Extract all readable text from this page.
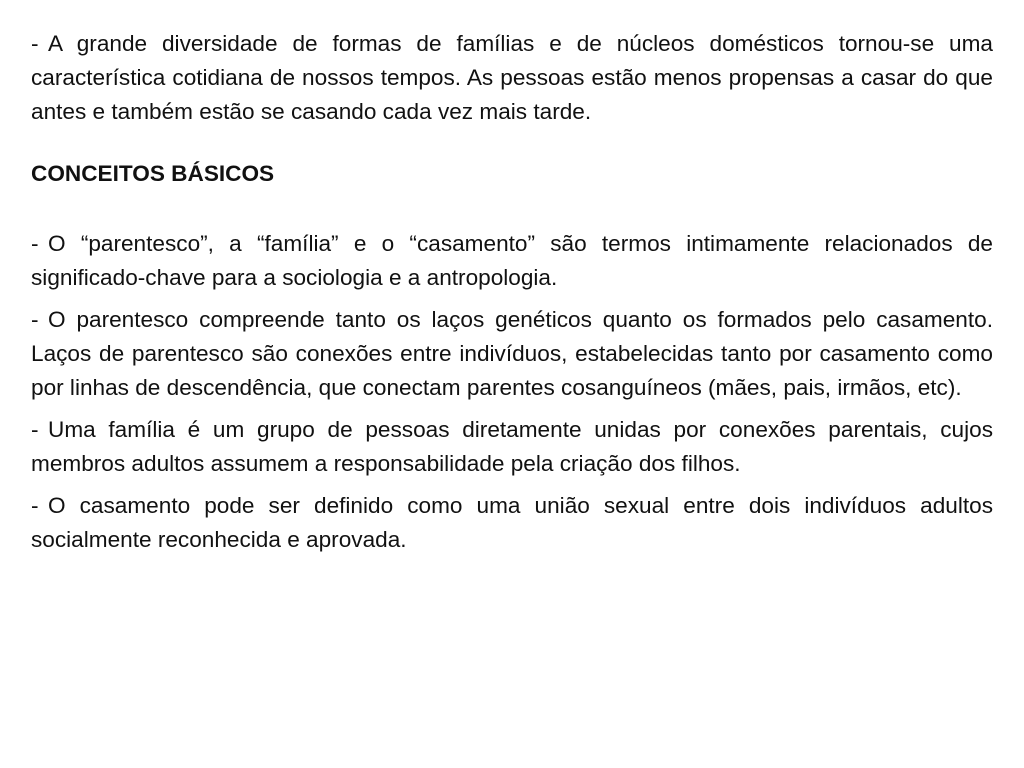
- A grande diversidade de formas de famílias e de núcleos domésticos tornou-se uma característica cotidiana de nossos tempos. As pessoas estão menos propensas a casar do que antes e também estão se casando cada vez mais tarde.

CONCEITOS BÁSICOS

- O “parentesco”, a “família” e o “casamento” são termos intimamente relacionados de significado-chave para a sociologia e a antropologia.

- O parentesco compreende tanto os laços genéticos quanto os formados pelo casamento. Laços de parentesco são conexões entre indivíduos, estabelecidas tanto por casamento como por linhas de descendência, que conectam parentes cosanguíneos (mães, pais, irmãos, etc).

- Uma família é um grupo de pessoas diretamente unidas por conexões parentais, cujos membros adultos assumem a responsabilidade pela criação dos filhos.

- O casamento pode ser definido como uma união sexual entre dois indivíduos adultos socialmente reconhecida e aprovada.
